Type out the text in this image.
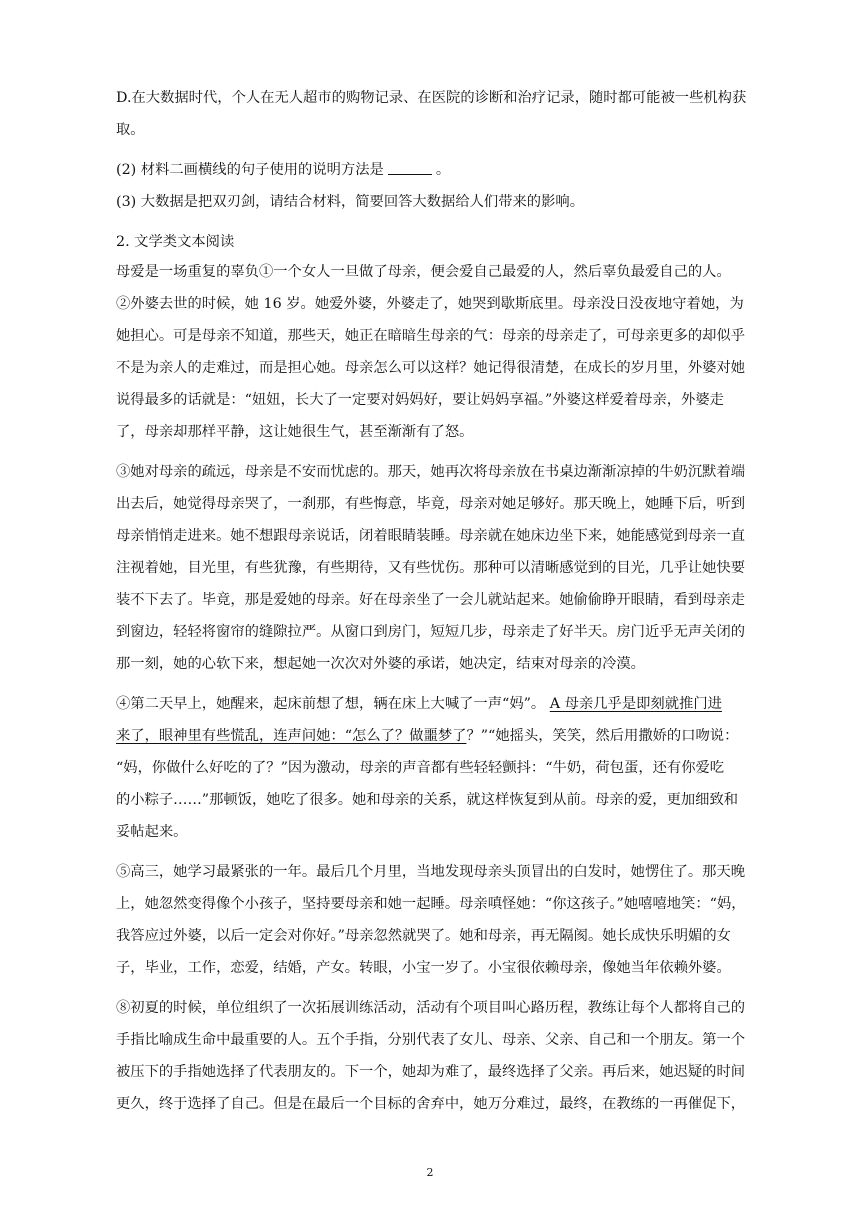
D.在大数据时代，个人在无人超市的购物记录、在医院的诊断和治疗记录，随时都可能被一些机构获
取。
(2) 材料二画横线的句子使用的说明方法是	。
(3) 大数据是把双刃剑，请结合材料，简要回答大数据给人们带来的影响。
2. 文学类文本阅读
母爱是一场重复的辜负①一个女人一旦做了母亲，便会爱自己最爱的人，然后辜负最爱自己的人。
②外婆去世的时候，她 16 岁。她爱外婆，外婆走了，她哭到歇斯底里。母亲没日没夜地守着她，为
她担心。可是母亲不知道，那些天，她正在暗暗生母亲的气：母亲的母亲走了，可母亲更多的却似乎
不是为亲人的走难过，而是担心她。母亲怎么可以这样？她记得很清楚，在成长的岁月里，外婆对她
说得最多的话就是：“妞妞，长大了一定要对妈妈好，要让妈妈享福。”外婆这样爱着母亲，外婆走
了，母亲却那样平静，这让她很生气，甚至渐渐有了怒。
③她对母亲的疏远，母亲是不安而忧虑的。那天，她再次将母亲放在书桌边渐渐凉掉的牛奶沉默着端
出去后，她觉得母亲哭了，一刹那，有些悔意，毕竟，母亲对她足够好。那天晚上，她睡下后，听到
母亲悄悄走进来。她不想跟母亲说话，闭着眼睛装睡。母亲就在她床边坐下来，她能感觉到母亲一直
注视着她，目光里，有些犹豫，有些期待，又有些忧伤。那种可以清晰感觉到的目光，几乎让她快要
装不下去了。毕竟，那是爱她的母亲。好在母亲坐了一会儿就站起来。她偷偷睁开眼睛，看到母亲走
到窗边，轻轻将窗帘的缝隙拉严。从窗口到房门，短短几步，母亲走了好半天。房门近乎无声关闭的
那一刻，她的心软下来，想起她一次次对外婆的承诺，她决定，结束对母亲的冷漠。
④第二天早上，她醒来，起床前想了想，辆在床上大喊了一声“妈”。 A 母亲几乎是即刻就推门进
来了，眼神里有些慌乱，连声问她：“怎么了？做噩梦了？”“她摇头，笑笑，然后用撒娇的口吻说：
“妈，你做什么好吃的了？”因为激动，母亲的声音都有些轻轻颤抖：“牛奶，荷包蛋，还有你爱吃
的小粽子……”那顿饭，她吃了很多。她和母亲的关系，就这样恢复到从前。母亲的爱，更加细致和
妥帖起来。
⑤高三，她学习最紧张的一年。最后几个月里，当地发现母亲头顶冒出的白发时，她愣住了。那天晚
上，她忽然变得像个小孩子，坚持要母亲和她一起睡。母亲嗔怪她：“你这孩子。”她嘻嘻地笑：“妈，
我答应过外婆，以后一定会对你好。”母亲忽然就哭了。她和母亲，再无隔阂。她长成快乐明媚的女
子，毕业，工作，恋爱，结婚，产女。转眼，小宝一岁了。小宝很依赖母亲，像她当年依赖外婆。
⑧初夏的时候，单位组织了一次拓展训练活动，活动有个项目叫心路历程，教练让每个人都将自己的
手指比喻成生命中最重要的人。五个手指，分别代表了女儿、母亲、父亲、自己和一个朋友。第一个
被压下的手指她选择了代表朋友的。下一个，她却为难了，最终选择了父亲。再后来，她迟疑的时间
更久，终于选择了自己。但是在最后一个目标的舍弃中，她万分难过，最终，在教练的一再催促下，
2
